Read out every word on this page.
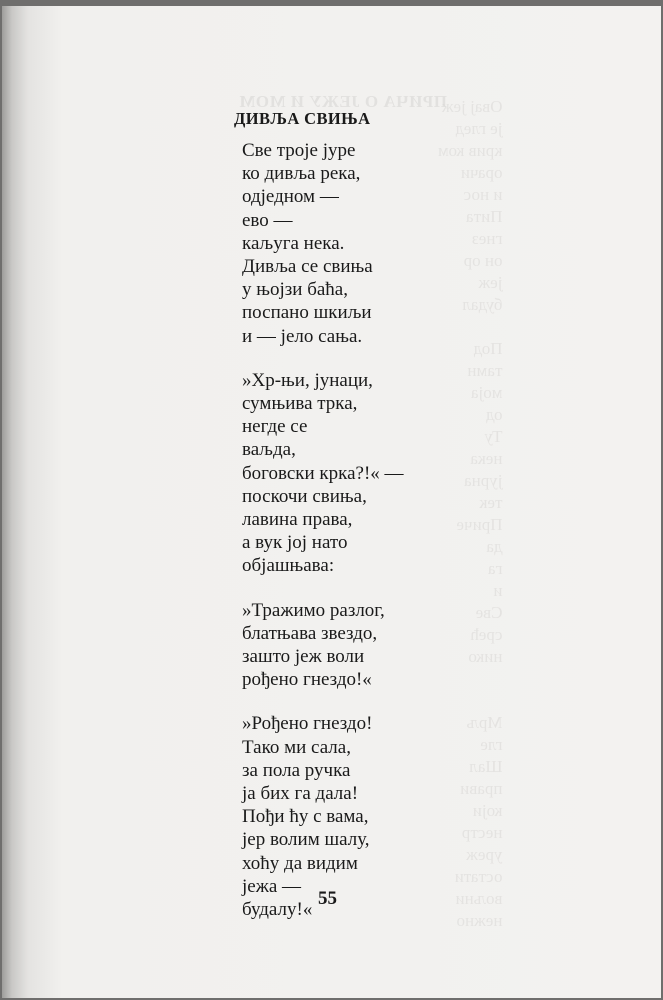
ПРИЧА О ЈЕЖУ И МОМ	Овај јеж
је глед
крив ком
орачи
и нос
Пита
гнез
он ор
јеж
будал

Под
тамн
моја
од
Ту
нека
јурна
тек
Приче
да
га
и
Све
срећ
нико

Мрљ
гле
Шал
прави
који
нестр
уреж
остати
вољни
нежно
ДИВЉА СВИЊА
Све троје јуре
ко дивља река,
одједном —
ево —
каљуга нека.
Дивља се свиња
у њојзи баћа,
поспано шкиљи
и — јело сања.
»Хр-њи, јунаци,
сумњива трка,
негде се
ваљда,
боговски крка?!« —
поскочи свиња,
лавина права,
а вук јој нато
објашњава:
»Тражимо разлог,
блатњава звездо,
зашто јеж воли
рођено гнездо!«
»Рођено гнездо!
Тако ми сала,
за пола ручка
ја бих га дала!
Пођи ћу с вама,
јер волим шалу,
хоћу да видим
јежа —
будалу!«
55
